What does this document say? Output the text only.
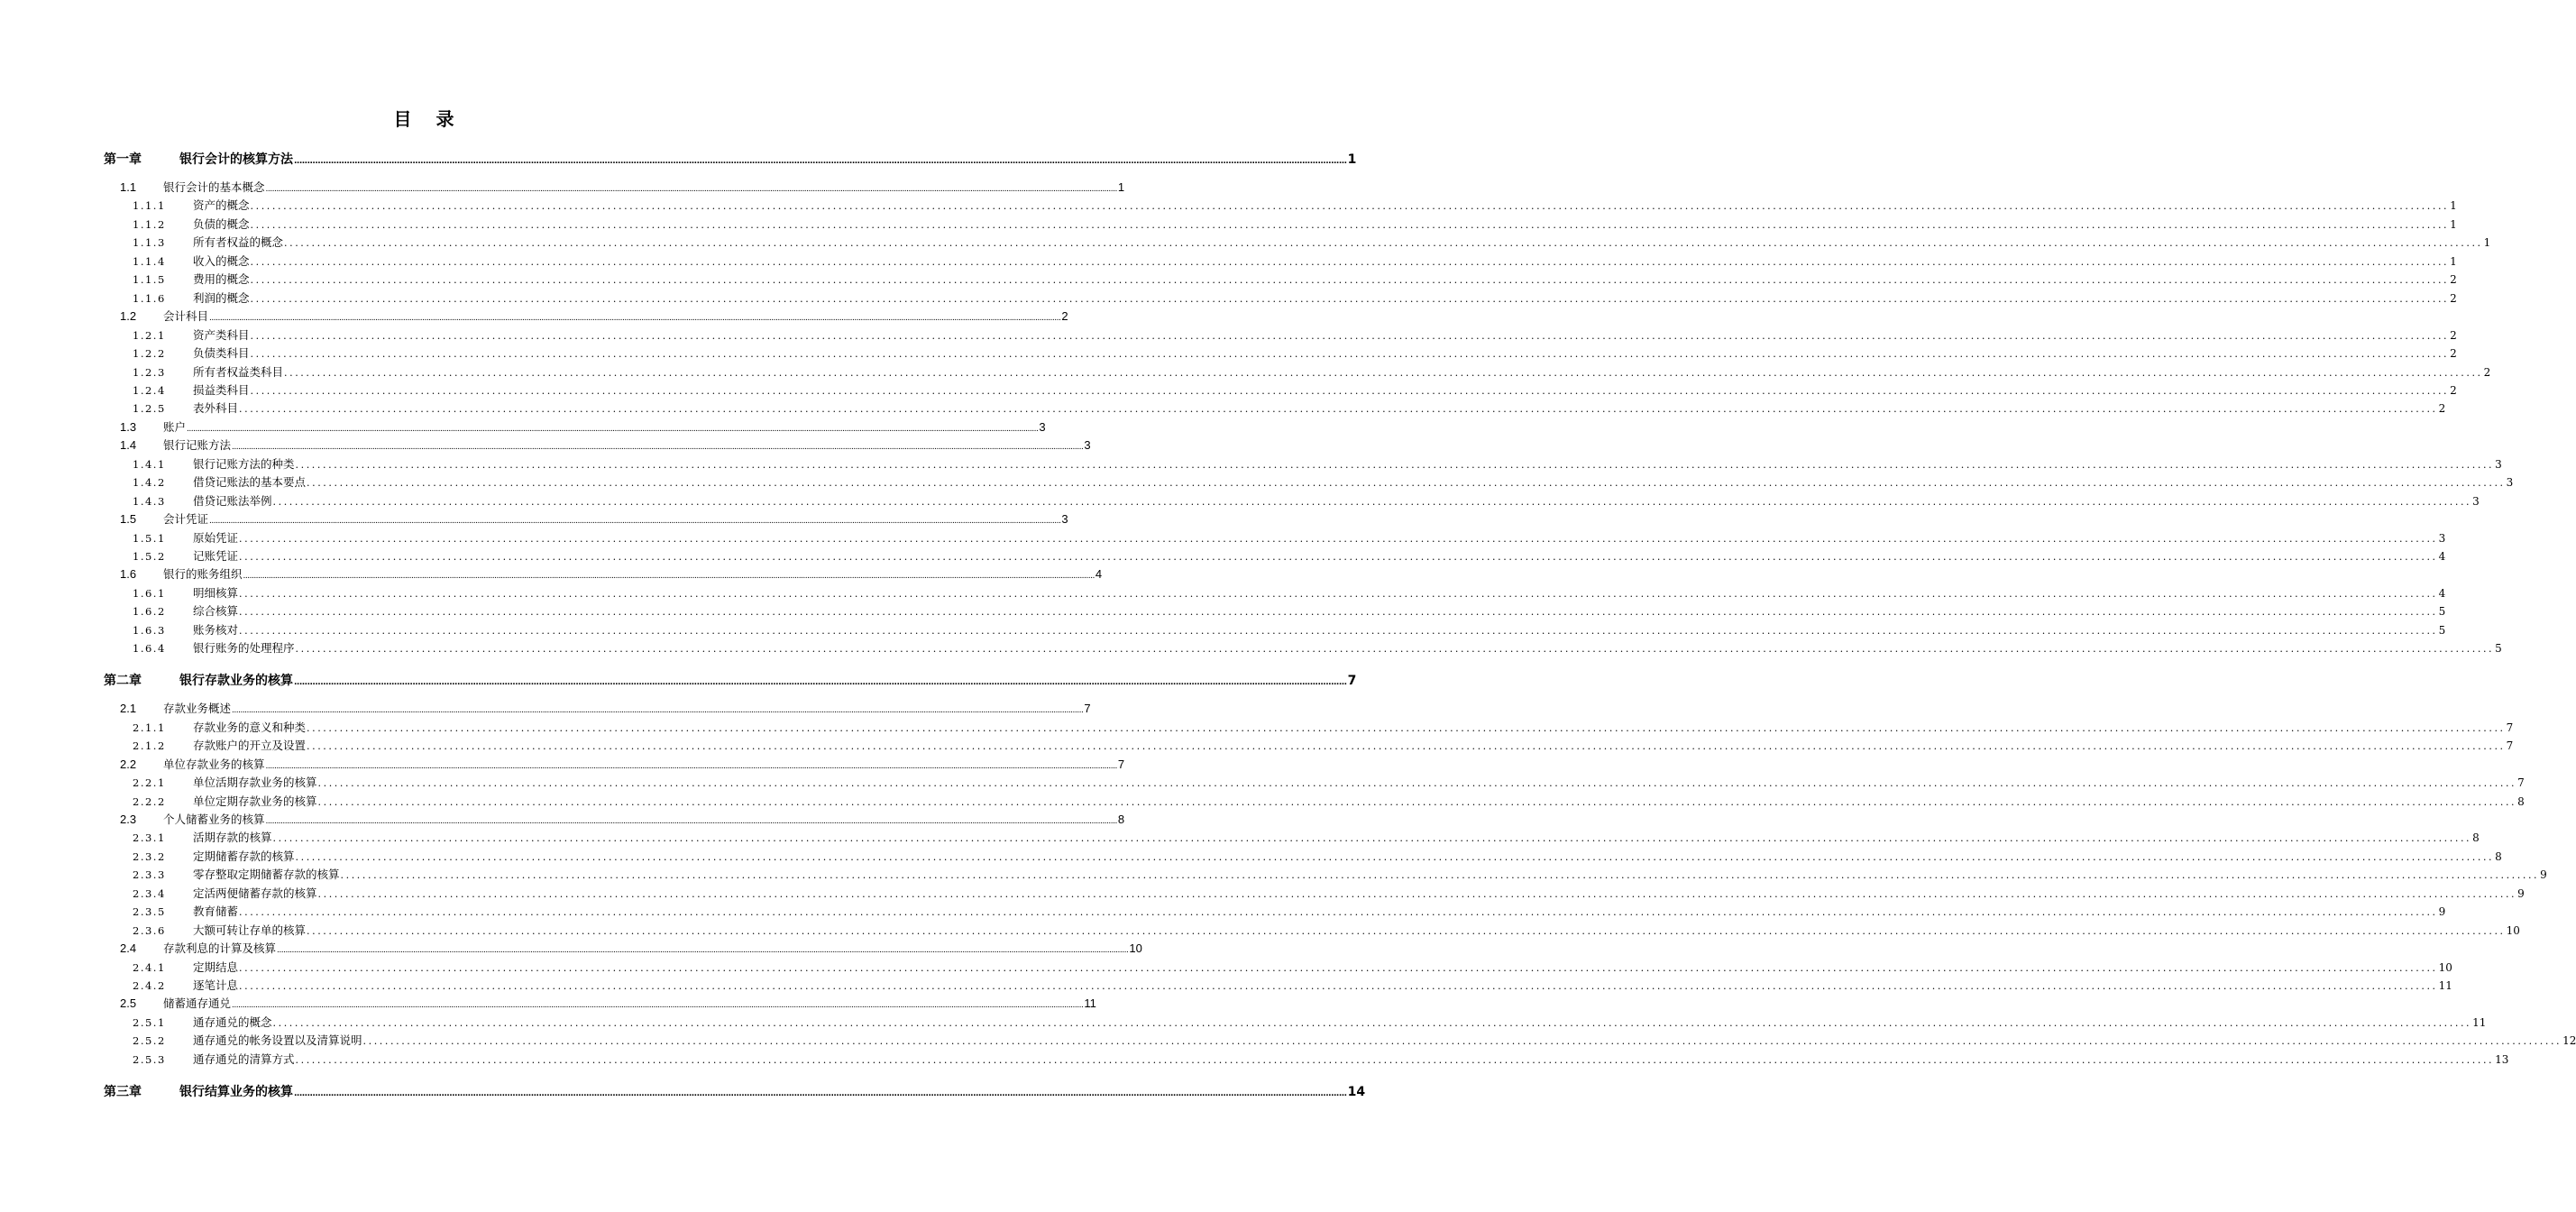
目 录
第一章	银行会计的核算方法 ................................................................................................................................................................................................................................................................................................................................................................................................................ 1
1.1	银行会计的基本概念 ................................................................................................................................................................................................................................................................................................................................................................................................................ 1
1.1.1	资产的概念 ................................................................................................................................................................................................................................................................................................................................................................................................................ 1
1.1.2	负债的概念 ................................................................................................................................................................................................................................................................................................................................................................................................................ 1
1.1.3	所有者权益的概念 ................................................................................................................................................................................................................................................................................................................................................................................................................ 1
1.1.4	收入的概念 ................................................................................................................................................................................................................................................................................................................................................................................................................ 1
1.1.5	费用的概念 ................................................................................................................................................................................................................................................................................................................................................................................................................ 2
1.1.6	利润的概念 ................................................................................................................................................................................................................................................................................................................................................................................................................ 2
1.2	会计科目 ................................................................................................................................................................................................................................................................................................................................................................................................................ 2
1.2.1	资产类科目 ................................................................................................................................................................................................................................................................................................................................................................................................................ 2
1.2.2	负债类科目 ................................................................................................................................................................................................................................................................................................................................................................................................................ 2
1.2.3	所有者权益类科目 ................................................................................................................................................................................................................................................................................................................................................................................................................ 2
1.2.4	损益类科目 ................................................................................................................................................................................................................................................................................................................................................................................................................ 2
1.2.5	表外科目 ................................................................................................................................................................................................................................................................................................................................................................................................................ 2
1.3	账户 ................................................................................................................................................................................................................................................................................................................................................................................................................ 3
1.4	银行记账方法 ................................................................................................................................................................................................................................................................................................................................................................................................................ 3
1.4.1	银行记账方法的种类 ................................................................................................................................................................................................................................................................................................................................................................................................................ 3
1.4.2	借贷记账法的基本要点 ................................................................................................................................................................................................................................................................................................................................................................................................................ 3
1.4.3	借贷记账法举例 ................................................................................................................................................................................................................................................................................................................................................................................................................ 3
1.5	会计凭证 ................................................................................................................................................................................................................................................................................................................................................................................................................ 3
1.5.1	原始凭证 ................................................................................................................................................................................................................................................................................................................................................................................................................ 3
1.5.2	记账凭证 ................................................................................................................................................................................................................................................................................................................................................................................................................ 4
1.6	银行的账务组织 ................................................................................................................................................................................................................................................................................................................................................................................................................ 4
1.6.1	明细核算 ................................................................................................................................................................................................................................................................................................................................................................................................................ 4
1.6.2	综合核算 ................................................................................................................................................................................................................................................................................................................................................................................................................ 5
1.6.3	账务核对 ................................................................................................................................................................................................................................................................................................................................................................................................................ 5
1.6.4	银行账务的处理程序 ................................................................................................................................................................................................................................................................................................................................................................................................................ 5
第二章	银行存款业务的核算 ................................................................................................................................................................................................................................................................................................................................................................................................................ 7
2.1	存款业务概述 ................................................................................................................................................................................................................................................................................................................................................................................................................ 7
2.1.1	存款业务的意义和种类 ................................................................................................................................................................................................................................................................................................................................................................................................................ 7
2.1.2	存款账户的开立及设置 ................................................................................................................................................................................................................................................................................................................................................................................................................ 7
2.2	单位存款业务的核算 ................................................................................................................................................................................................................................................................................................................................................................................................................ 7
2.2.1	单位活期存款业务的核算 ................................................................................................................................................................................................................................................................................................................................................................................................................ 7
2.2.2	单位定期存款业务的核算 ................................................................................................................................................................................................................................................................................................................................................................................................................ 8
2.3	个人储蓄业务的核算 ................................................................................................................................................................................................................................................................................................................................................................................................................ 8
2.3.1	活期存款的核算 ................................................................................................................................................................................................................................................................................................................................................................................................................ 8
2.3.2	定期储蓄存款的核算 ................................................................................................................................................................................................................................................................................................................................................................................................................ 8
2.3.3	零存整取定期储蓄存款的核算 ................................................................................................................................................................................................................................................................................................................................................................................................................ 9
2.3.4	定活两便储蓄存款的核算 ................................................................................................................................................................................................................................................................................................................................................................................................................ 9
2.3.5	教育储蓄 ................................................................................................................................................................................................................................................................................................................................................................................................................ 9
2.3.6	大额可转让存单的核算 ................................................................................................................................................................................................................................................................................................................................................................................................................ 10
2.4	存款利息的计算及核算 ................................................................................................................................................................................................................................................................................................................................................................................................................ 10
2.4.1	定期结息 ................................................................................................................................................................................................................................................................................................................................................................................................................ 10
2.4.2	逐笔计息 ................................................................................................................................................................................................................................................................................................................................................................................................................ 11
2.5	储蓄通存通兑 ................................................................................................................................................................................................................................................................................................................................................................................................................ 11
2.5.1	通存通兑的概念 ................................................................................................................................................................................................................................................................................................................................................................................................................ 11
2.5.2	通存通兑的帐务设置以及清算说明 ................................................................................................................................................................................................................................................................................................................................................................................................................ 12
2.5.3	通存通兑的清算方式 ................................................................................................................................................................................................................................................................................................................................................................................................................ 13
第三章	银行结算业务的核算 ................................................................................................................................................................................................................................................................................................................................................................................................................ 14
